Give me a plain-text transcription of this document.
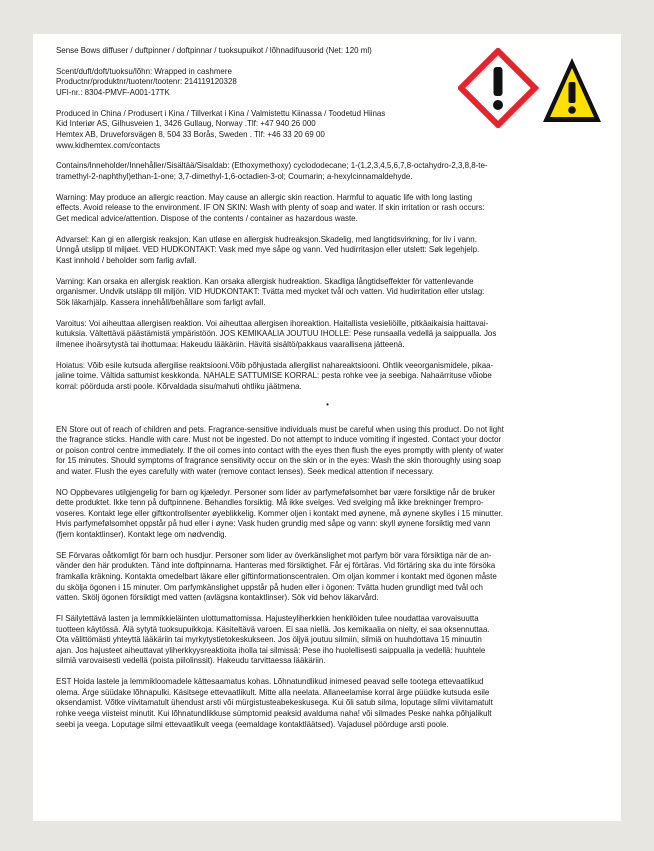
Sense Bows diffuser / duftpinner / doftpinnar / tuoksupuikot / lõhnadifuusorid (Net: 120 ml)
Scent/duft/doft/tuoksu/lõhn: Wrapped in cashmere
Productnr/produktnr/tuotenr/tootenr: 214119120328
UFI-nr.: 8304-PMVF-A001-17TK
Produced in China / Produsert i Kina / Tillverkat i Kina / Valmistettu Kiinassa / Toodetud Hiinas
Kid Interiør AS, Gilhusveien 1, 3426 Gullaug, Norway .Tlf: +47 940 26 000
Hemtex AB, Druveforsvägen 8, 504 33 Borås, Sweden . Tlf: +46 33 20 69 00
www.kidhemtex.com/contacts
Contains/Inneholder/Innehåller/Sisältää/Sisaldab: (Ethoxymethoxy) cyclododecane; 1-(1,2,3,4,5,6,7,8-octahydro-2,3,8,8-te-
tramethyl-2-naphthyl)ethan-1-one; 3,7-dimethyl-1,6-octadien-3-ol; Coumarin; a-hexylcinnamaldehyde.
Warning: May produce an allergic reaction. May cause an allergic skin reaction. Harmful to aquatic life with long lasting
effects. Avoid release to the environment. IF ON SKIN: Wash with plenty of soap and water. If skin irritation or rash occurs:
Get medical advice/attention. Dispose of the contents / container as hazardous waste.
Advarsel: Kan gi en allergisk reaksjon. Kan utløse en allergisk hudreaksjon.Skadelig, med langtidsvirkning, for liv i vann.
Unngå utslipp til miljøet. VED HUDKONTAKT: Vask med mye såpe og vann. Ved hudirritasjon eller utslett: Søk legehjelp.
Kast innhold / beholder som farlig avfall.
Varning: Kan orsaka en allergisk reaktion. Kan orsaka allergisk hudreaktion. Skadliga långtidseffekter för vattenlevande
organismer. Undvik utsläpp till miljön. VID HUDKONTAKT: Tvätta med mycket tvål och vatten. Vid hudirritation eller utslag:
Sök läkarhjälp. Kassera innehåll/behållare som farligt avfall.
Varoitus: Voi aiheuttaa allergisen reaktion. Voi aiheuttaa allergisen ihoreaktion. Haitallista vesieliöille, pitkäaikaisia haittavai-
kutuksia. Vältettävä päästämistä ympäristöön. JOS KEMIKAALIA JOUTUU IHOLLE: Pese runsaalla vedellä ja saippualla. Jos
ilmenee ihoärsytystä tai ihottumaa: Hakeudu lääkäriin. Hävitä sisältö/pakkaus vaarallisena jätteenä.
Hoiatus: Võib esile kutsuda allergilise reaktsiooni.Võib põhjustada allergilist nahareaktsiooni. Ohtlik veeorganismidele, pikaa-
jaline toime. Vältida sattumist keskkonda. NAHALE SATTUMISE KORRAL: pesta rohke vee ja seebiga. Nahaärrituse võiobe
korral: pöörduda arsti poole. Kõrvaldada sisu/mahuti ohtliku jäätmena.
•
EN Store out of reach of children and pets. Fragrance-sensitive individuals must be careful when using this product. Do not light
the fragrance sticks. Handle with care. Must not be ingested. Do not attempt to induce vomiting if ingested. Contact your doctor
or poison control centre immediately. If the oil comes into contact with the eyes then flush the eyes promptly with plenty of water
for 15 minutes. Should symptoms of fragrance sensitivity occur on the skin or in the eyes: Wash the skin thoroughly using soap
and water. Flush the eyes carefully with water (remove contact lenses). Seek medical attention if necessary.
NO Oppbevares utilgjengelig for barn og kjæledyr. Personer som lider av parfymefølsomhet bør være forsiktige når de bruker
dette produktet. Ikke tenn på duftpinnene. Behandles forsiktig. Må ikke svelges. Ved svelging må ikke brekninger frempro-
voseres. Kontakt lege eller giftkontrollsenter øyeblikkelig. Kommer oljen i kontakt med øynene, må øynene skylles i 15 minutter.
Hvis parfymefølsomhet oppstår på hud eller i øyne: Vask huden grundig med såpe og vann: skyll øynene forsiktig med vann
(fjern kontaktlinser). Kontakt lege om nødvendig.
SE Förvaras oåtkomligt för barn och husdjur. Personer som lider av överkänslighet mot parfym bör vara försiktiga när de an-
vänder den här produkten. Tänd inte doftpinnarna. Hanteras med försiktighet. Får ej förtäras. Vid förtäring ska du inte försöka
framkalla kräkning. Kontakta omedelbart läkare eller giftinformationscentralen. Om oljan kommer i kontakt med ögonen måste
du skölja ögonen i 15 minuter. Om parfymkänslighet uppstår på huden eller i ögonen: Tvätta huden grundligt med tvål och
vatten. Skölj ögonen försiktigt med vatten (avlägsna kontaktlinser). Sök vid behov läkarvård.
FI Säilytettävä lasten ja lemmikkieläinten ulottumattomissa. Hajusteyliherkkien henkilöiden tulee noudattaa varovaisuutta
tuotteen käytössä. Älä sytytä tuoksupuikkoja. Käsiteltävä varoen. Ei saa niellä. Jos kemikaalia on nielty, ei saa oksennuttaa.
Ota välittömästi yhteyttä lääkäriin tai myrkytystietokeskukseen. Jos öljyä joutuu silmiin, silmiä on huuhdottava 15 minuutin
ajan. Jos hajusteet aiheuttavat yliherkkyysreaktioita iholla tai silmissä: Pese iho huolellisesti saippualla ja vedellä: huuhtele
silmiä varovaisesti vedellä (poista piilolinssit). Hakeudu tarvittaessa lääkäriin.
EST Hoida lastele ja lemmikloomadele kättesaamatus kohas. Lõhnatundlikud inimesed peavad selle tootega ettevaatlikud
olema. Ärge süüdake lõhnapulki. Käsitsege ettevaatlikult. Mitte alla neelata. Allaneelamise korral ärge püüdke kutsuda esile
oksendamist. Võtke viivitamatult ühendust arsti või mürgistusteabekeskusega. Kui õli satub silma, loputage silmi viivitamatult
rohke veega viisteist minutit. Kui lõhnatundlikkuse sümptomid peaksid avalduma naha! või silmades Peske nahka põhjalikult
seebi ja veega. Loputage silmi ettevaatlikult veega (eemaldage kontaktläätsed). Vajadusel pöörduge arsti poole.
